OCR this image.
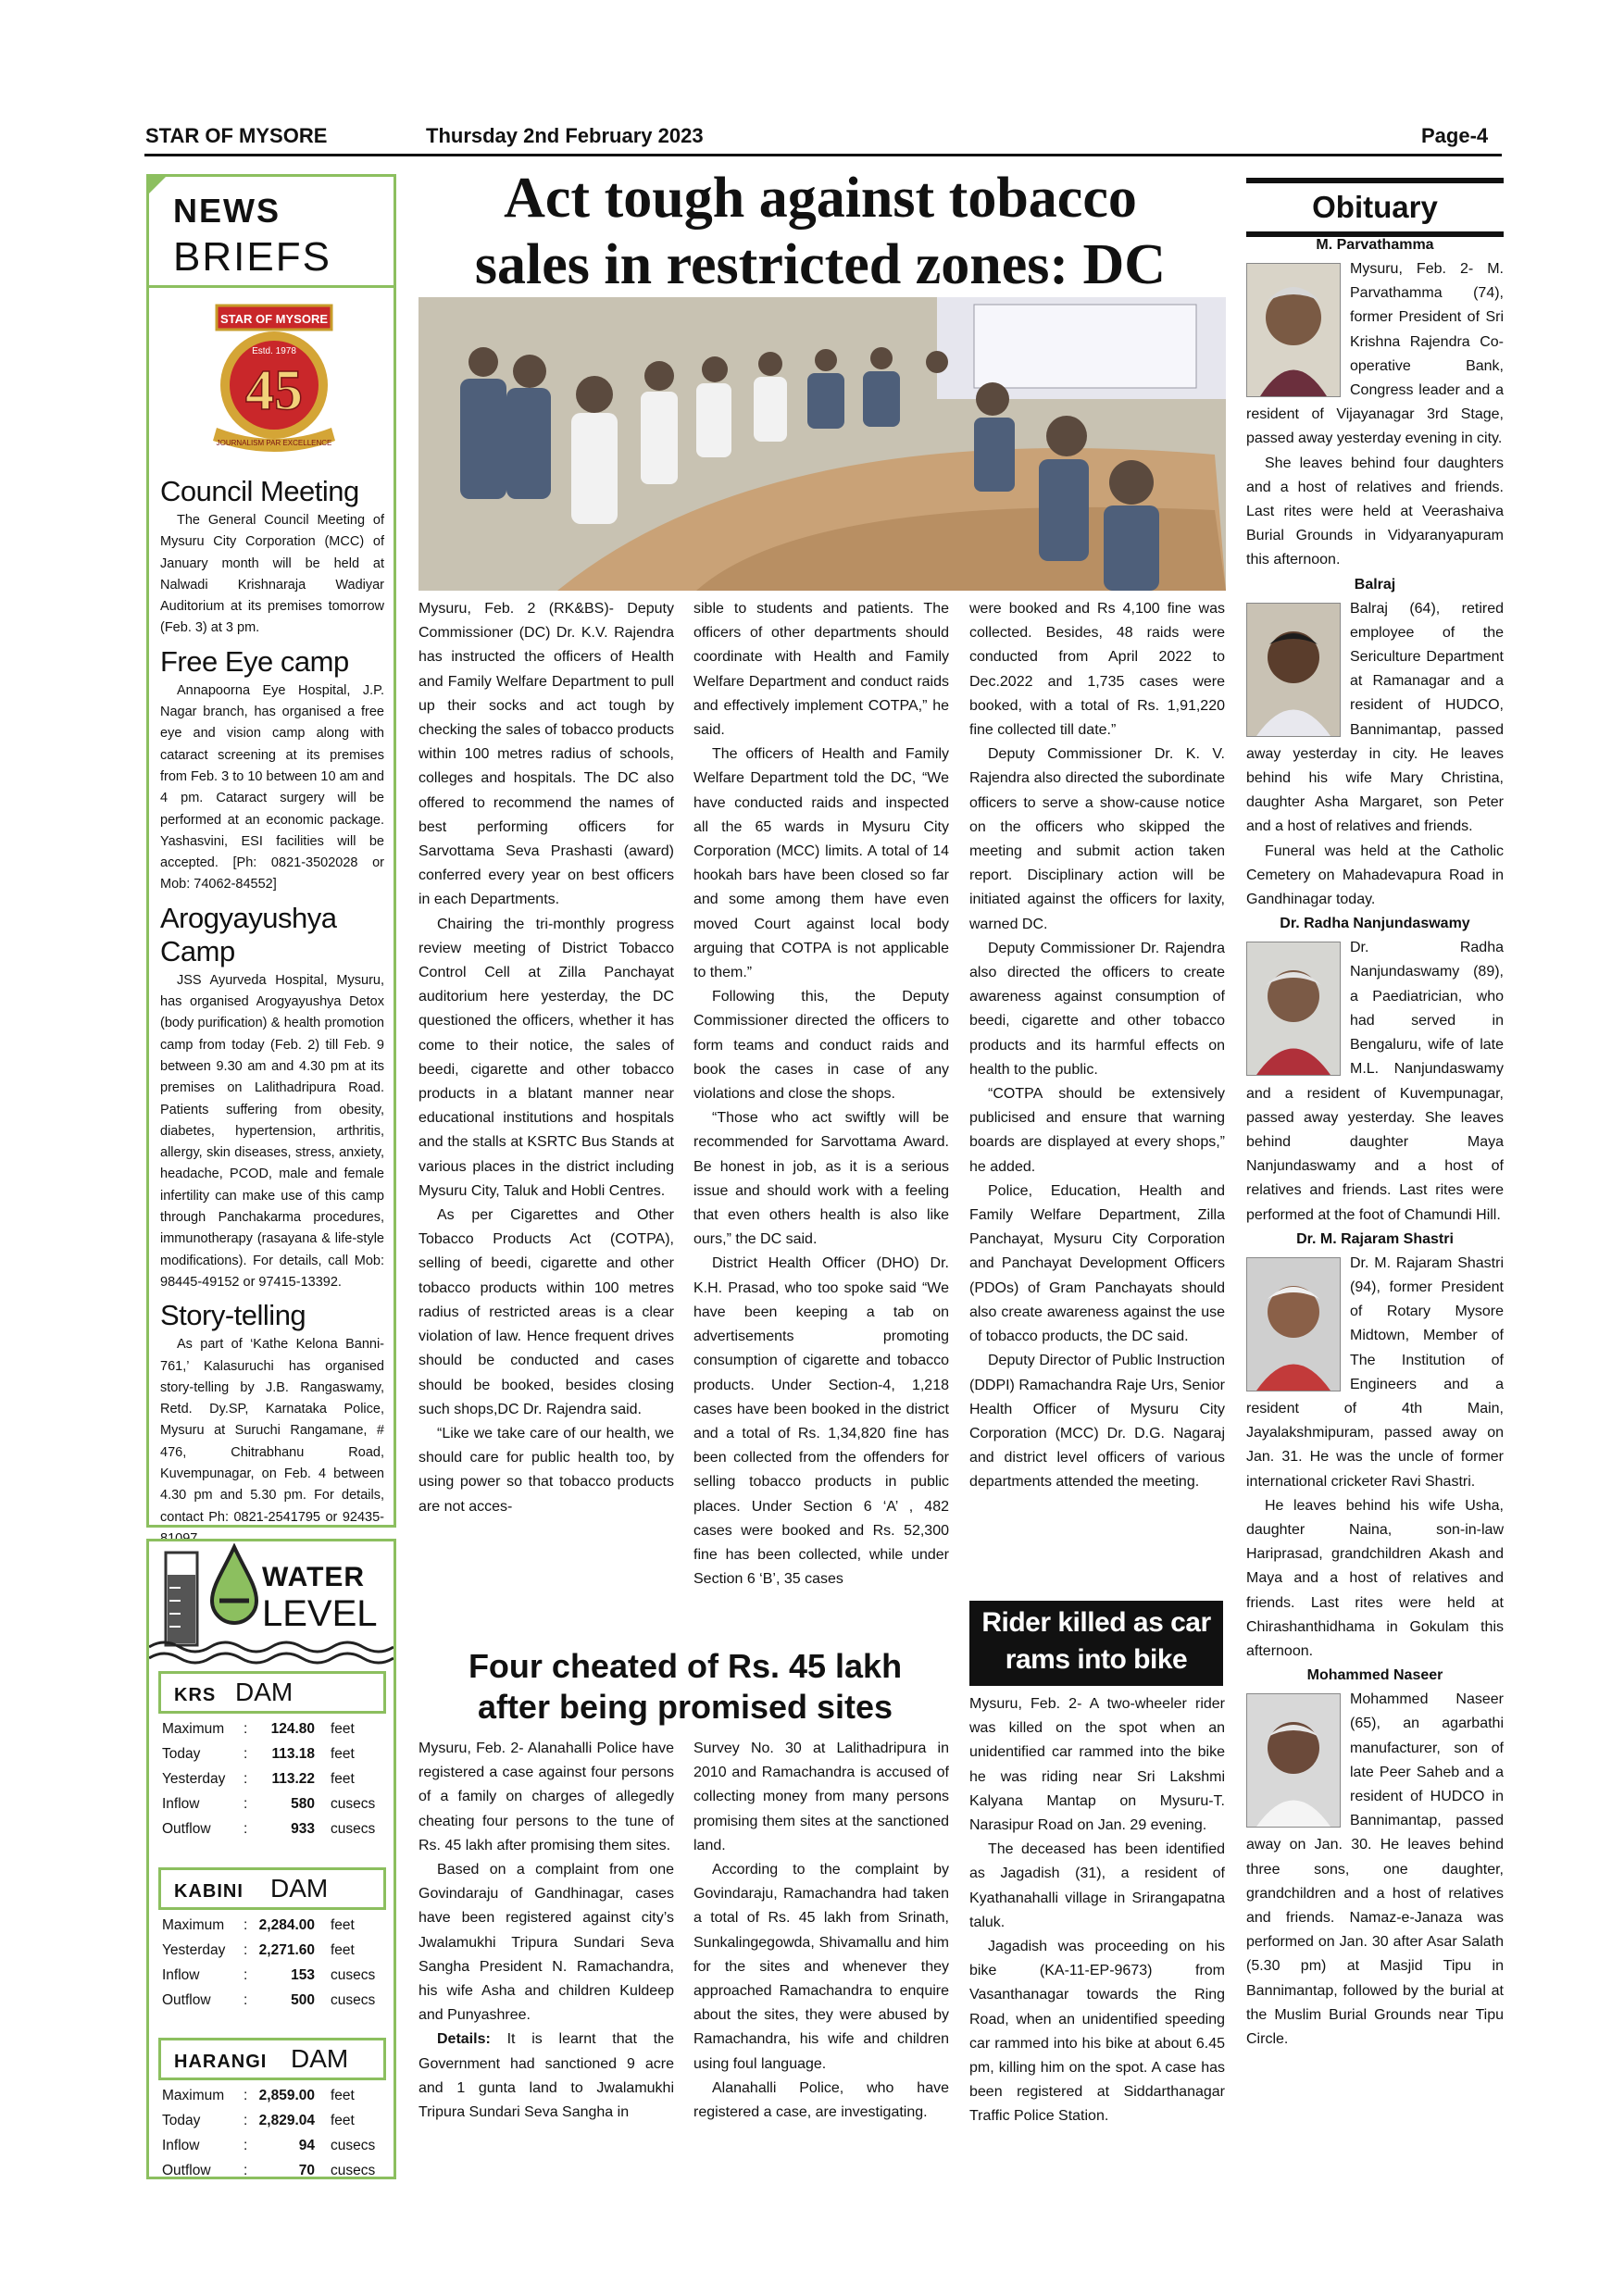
STAR OF MYSORE	Thursday 2nd February 2023	Page-4
NEWS
BRIEFS
STAR OF MYSORE
Estd. 1978
45
JOURNALISM PAR EXCELLENCE
Council Meeting

The General Council Meeting of Mysuru City Corporation (MCC) of January month will be held at Nalwadi Krishnaraja Wadiyar Auditorium at its premises tomorrow (Feb. 3) at 3 pm.

Free Eye camp

Annapoorna Eye Hospital, J.P. Nagar branch, has organised a free eye and vision camp along with cataract screening at its premises from Feb. 3 to 10 between 10 am and 4 pm. Cataract surgery will be performed at an economic package. Yashasvini, ESI facilities will be accepted. [Ph: 0821-3502028 or Mob: 74062-84552]

Arogyayushya Camp

JSS Ayurveda Hospital, Mysuru, has organised Arogyayushya Detox (body purification) & health promotion camp from today (Feb. 2) till Feb. 9 between 9.30 am and 4.30 pm at its premises on Lalithadripura Road. Patients suffering from obesity, diabetes, hypertension, arthritis, allergy, skin diseases, stress, anxiety, headache, PCOD, male and female infertility can make use of this camp through Panchakarma procedures, immunotherapy (rasayana & life-style modifications). For details, call Mob: 98445-49152 or 97415-13392.

Story-telling

As part of ‘Kathe Kelona Banni-761,’ Kalasuruchi has organised story-telling by J.B. Rangaswamy, Retd. Dy.SP, Karnataka Police, Mysuru at Suruchi Rangamane, # 476, Chitrabhanu Road, Kuvempunagar, on Feb. 4 between 4.30 pm and 5.30 pm. For details, contact Ph: 0821-2541795 or 92435-

WATER
LEVEL
KRS DAM
Maximum : 124.80 feet
Today	: 113.18 feet
Yesterday : 113.22 feet
Inflow	:	580 cusecs
Outflow :	933 cusecs
KABINI DAM
Maximum : 2,284.00 feet
Yesterday : 2,271.60 feet
Inflow	:	153 cusecs
Outflow :	500 cusecs
HARANGI DAM
Maximum : 2,859.00 feet
Today	: 2,829.04 feet
Inflow	:	94 cusecs
Outflow :	70 cusecs
Act tough against tobacco
sales in restricted zones: DC

Mysuru, Feb. 2 (RK&BS)- Deputy Commissioner (DC) Dr. K.V. Rajendra has instructed the officers of Health and Family Welfare Department to pull up their socks and act tough by checking the sales of tobacco products within 100 metres radius of schools, colleges and hospitals. The DC also offered to recommend the names of best performing officers for Sarvottama Seva Prashasti (award) conferred every year on best officers in each Departments.

Chairing the tri-monthly progress review meeting of District Tobacco Control Cell at Zilla Panchayat auditorium here yesterday, the DC questioned the officers, whether it has come to their notice, the sales of beedi, cigarette and other tobacco products in a blatant manner near educational institutions and hospitals and the stalls at KSRTC Bus Stands at various places in the district including Mysuru City, Taluk and Hobli Centres.

As per Cigarettes and Other Tobacco Products Act (COTPA), selling of beedi, cigarette and other tobacco products within 100 metres radius of restricted areas is a clear violation of law. Hence frequent drives should be conducted and cases should be booked, besides closing such shops,DC Dr. Rajendra said.

“Like we take care of our health, we should care for public health too, by using power so that tobacco products are not acces-

sible to students and patients. The officers of other departments should coordinate with Health and Family Welfare Department and conduct raids and effectively implement COTPA,” he said.

The officers of Health and Family Welfare Department told the DC, “We have conducted raids and inspected all the 65 wards in Mysuru City Corporation (MCC) limits. A total of 14 hookah bars have been closed so far and some among them have even moved Court against local body arguing that COTPA is not applicable to them.”

Following this, the Deputy Commissioner directed the officers to form teams and conduct raids and book the cases in case of any violations and close the shops.

“Those who act swiftly will be recommended for Sarvottama Award. Be honest in job, as it is a serious issue and should work with a feeling that even others health is also like ours,” the DC said.

District Health Officer (DHO) Dr. K.H. Prasad, who too spoke said “We have been keeping a tab on advertisements promoting consumption of cigarette and tobacco products. Under Section-4, 1,218 cases have been booked in the district and a total of Rs. 1,34,820 fine has been collected from the offenders for selling tobacco products in public places. Under Section 6 ‘A’ , 482 cases were booked and Rs. 52,300 fine has been collected, while under Section 6 ‘B’, 35 cases

were booked and Rs 4,100 fine was collected. Besides, 48 raids were conducted from April 2022 to Dec.2022 and 1,735 cases were booked, with a total of Rs. 1,91,220 fine collected till date.”

Deputy Commissioner Dr. K. V. Rajendra also directed the subordinate officers to serve a show-cause notice on the officers who skipped the meeting and submit action taken report. Disciplinary action will be initiated against the officers for laxity, warned DC.

Deputy Commissioner Dr. Rajendra also directed the officers to create awareness against consumption of beedi, cigarette and other tobacco products and its harmful effects on health to the public.

“COTPA should be extensively publicised and ensure that warning boards are displayed at every shops,” he added.

Police, Education, Health and Family Welfare Department, Zilla Panchayat, Mysuru City Corporation and Panchayat Development Officers (PDOs) of Gram Panchayats should also create awareness against the use of tobacco products, the DC said.

Deputy Director of Public Instruction (DDPI) Ramachandra Raje Urs, Senior Health Officer of Mysuru City Corporation (MCC) Dr. D.G. Nagaraj and district level officers of various departments attended the meeting.

Four cheated of Rs. 45 lakh
after being promised sites

Mysuru, Feb. 2- Alanahalli Police have registered a case against four persons of a family on charges of allegedly cheating four persons to the tune of Rs. 45 lakh after promising them sites.

Based on a complaint from one Govindaraju of Gandhinagar, cases have been registered against city’s Jwalamukhi Tripura Sundari Seva Sangha President N. Ramachandra, his wife Asha and children Kuldeep and Punyashree.

Details: It is learnt that the Government had sanctioned 9 acre and 1 gunta land to Jwalamukhi Tripura Sundari Seva Sangha in

Survey No. 30 at Lalithadripura in 2010 and Ramachandra is accused of collecting money from many persons promising them sites at the sanctioned land.

According to the complaint by Govindaraju, Ramachandra had taken a total of Rs. 45 lakh from Srinath, Sunkalingegowda, Shivamallu and him for the sites and whenever they approached Ramachandra to enquire about the sites, they were abused by Ramachandra, his wife and children using foul language.

Alanahalli Police, who have registered a case, are investigating.

Rider killed as car
rams into bike

Mysuru, Feb. 2- A two-wheeler rider was killed on the spot when an unidentified car rammed into the bike he was riding near Sri Lakshmi Kalyana Mantap on Mysuru-T. Narasipur Road on Jan. 29 evening.

The deceased has been identified as Jagadish (31), a resident of Kyathanahalli village in Srirangapatna taluk.

Jagadish was proceeding on his bike (KA-11-EP-9673) from Vasanthanagar towards the Ring Road, when an unidentified speeding car rammed into his bike at about 6.45 pm, killing him on the spot. A case has been registered at Siddarthanagar Traffic Police Station.

Obituary
M. Parvathamma

Mysuru, Feb. 2- M. Parvathamma (74), former President of Sri Krishna Rajendra Co-operative Bank, Congress leader and a resident of Vijayanagar 3rd Stage, passed away yesterday evening in city.

She leaves behind four daughters and a host of relatives and friends. Last rites were held at Veerashaiva Burial Grounds in Vidyaranyapuram this afternoon.

Balraj

Balraj (64), retired employee of the Sericulture Department at Ramanagar and a resident of HUDCO, Bannimantap, passed away yesterday in city. He leaves behind his wife Mary Christina, daughter Asha Margaret, son Peter and a host of relatives and friends.

Funeral was held at the Catholic Cemetery on Mahadevapura Road in Gandhinagar today.

Dr. Radha Nanjundaswamy

Dr. Radha Nanjundaswamy (89), a Paediatrician, who had served in Bengaluru, wife of late M.L. Nanjundaswamy and a resident of Kuvempunagar, passed away yesterday. She leaves behind daughter Maya Nanjundaswamy and a host of relatives and friends. Last rites were performed at the foot of Chamundi Hill.

Dr. M. Rajaram Shastri

Dr. M. Rajaram Shastri (94), former President of Rotary Mysore Midtown, Member of The Institution of Engineers and a resident of 4th Main, Jayalakshmipuram, passed away on Jan. 31. He was the uncle of former international cricketer Ravi Shastri.

He leaves behind his wife Usha, daughter Naina, son-in-law Hariprasad, grandchildren Akash and Maya and a host of relatives and friends. Last rites were held at Chirashanthidhama in Gokulam this afternoon.

Mohammed Naseer

Mohammed Naseer (65), an agarbathi manufacturer, son of late Peer Saheb and a resident of HUDCO in Bannimantap, passed away on Jan. 30. He leaves behind three sons, one daughter, grandchildren and a host of relatives and friends. Namaz-e-Janaza was performed on Jan. 30 after Asar Salath (5.30 pm) at Masjid Tipu in Bannimantap, followed by the burial at the Muslim Burial Grounds near Tipu Circle.
